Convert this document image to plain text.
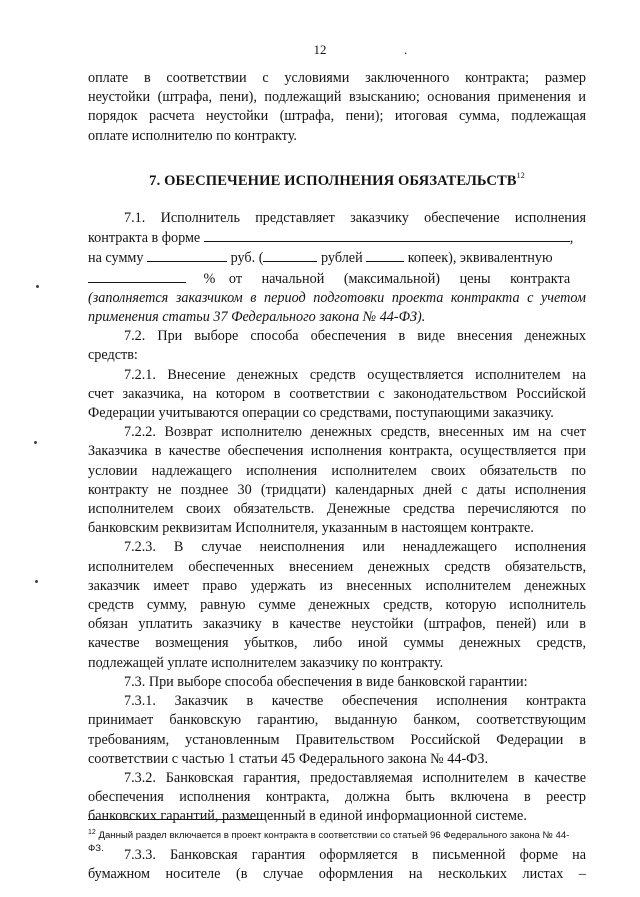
12	.

оплате в соответствии с условиями заключенного контракта; размер

неустойки (штрафа, пени), подлежащий взысканию; основания применения и

порядок расчета неустойки (штрафа, пени); итоговая сумма, подлежащая

оплате исполнителю по контракту.

7. ОБЕСПЕЧЕНИЕ ИСПОЛНЕНИЯ ОБЯЗАТЕЛЬСТВ$^{12}$

7.1. Исполнитель представляет заказчику обеспечение исполнения

контракта в форме	,

на сумму	руб. (	рублей	копеек), эквивалентную

% от начальной (максимальной) цены контракта

(заполняется заказчиком в период подготовки проекта контракта с учетом

применения статьи 37 Федерального закона № 44-ФЗ).

7.2. При выборе способа обеспечения в виде внесения денежных

средств:

7.2.1. Внесение денежных средств осуществляется исполнителем на

счет заказчика, на котором в соответствии с законодательством Российской

Федерации учитываются операции со средствами, поступающими заказчику.

7.2.2. Возврат исполнителю денежных средств, внесенных им на счет

Заказчика в качестве обеспечения исполнения контракта, осуществляется при

условии надлежащего исполнения исполнителем своих обязательств по

контракту не позднее 30 (тридцати) календарных дней с даты исполнения

исполнителем своих обязательств. Денежные средства перечисляются по

банковским реквизитам Исполнителя, указанным в настоящем контракте.

7.2.3. В случае неисполнения или ненадлежащего исполнения

исполнителем обеспеченных внесением денежных средств обязательств,

заказчик имеет право удержать из внесенных исполнителем денежных

средств сумму, равную сумме денежных средств, которую исполнитель

обязан уплатить заказчику в качестве неустойки (штрафов, пеней) или в

качестве возмещения убытков, либо иной суммы денежных средств,

подлежащей уплате исполнителем заказчику по контракту.

7.3. При выборе способа обеспечения в виде банковской гарантии:

7.3.1. Заказчик в качестве обеспечения исполнения контракта

принимает банковскую гарантию, выданную банком, соответствующим

требованиям, установленным Правительством Российской Федерации в

соответствии с частью 1 статьи 45 Федерального закона № 44-ФЗ.

7.3.2. Банковская гарантия, предоставляемая исполнителем в качестве

обеспечения исполнения контракта, должна быть включена в реестр

банковских гарантий, размещенный в единой информационной системе.

7.3.3. Банковская гарантия оформляется в письменной форме на

бумажном носителе (в случае оформления на нескольких листах –

$^{12}$ Данный раздел включается в проект контракта в соответствии со статьей 96 Федерального закона № 44-
ФЗ.
